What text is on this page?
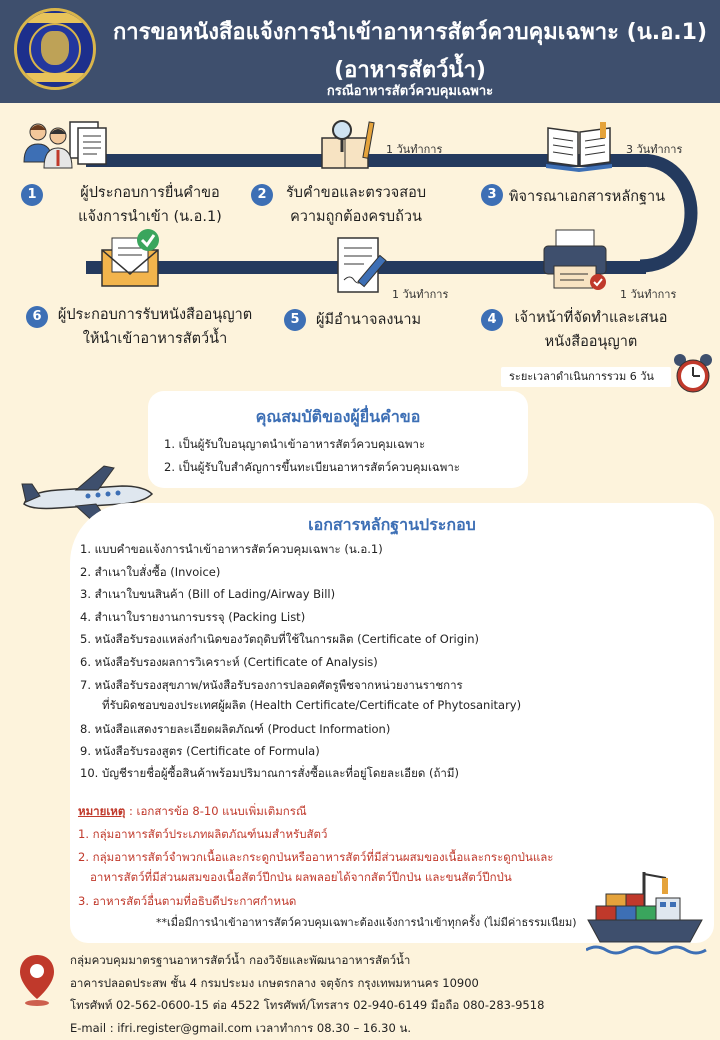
การขอหนังสือแจ้งการนำเข้าอาหารสัตว์ควบคุมเฉพาะ (น.อ.1)
(อาหารสัตว์น้ำ)
กรณีอาหารสัตว์ควบคุมเฉพาะ
1	ผู้ประกอบการยื่นคำขอ
แจ้งการนำเข้า (น.อ.1)
1 วันทำการ
2	รับคำขอและตรวจสอบ
ความถูกต้องครบถ้วน
3 วันทำการ
3 พิจารณาเอกสารหลักฐาน
1 วันทำการ
4	เจ้าหน้าที่จัดทำและเสนอ
หนังสืออนุญาต
1 วันทำการ
5	ผู้มีอำนาจลงนาม
6	ผู้ประกอบการรับหนังสืออนุญาต
ให้นำเข้าอาหารสัตว์น้ำ
ระยะเวลาดำเนินการรวม 6 วัน
คุณสมบัติของผู้ยื่นคำขอ
1. เป็นผู้รับใบอนุญาตนำเข้าอาหารสัตว์ควบคุมเฉพาะ
2. เป็นผู้รับใบสำคัญการขึ้นทะเบียนอาหารสัตว์ควบคุมเฉพาะ
เอกสารหลักฐานประกอบ
1. แบบคำขอแจ้งการนำเข้าอาหารสัตว์ควบคุมเฉพาะ (น.อ.1)
2. สำเนาใบสั่งซื้อ (Invoice)
3. สำเนาใบขนสินค้า (Bill of Lading/Airway Bill)
4. สำเนาใบรายงานการบรรจุ (Packing List)
5. หนังสือรับรองแหล่งกำเนิดของวัตถุดิบที่ใช้ในการผลิต (Certificate of Origin)
6. หนังสือรับรองผลการวิเคราะห์ (Certificate of Analysis)
7. หนังสือรับรองสุขภาพ/หนังสือรับรองการปลอดศัตรูพืชจากหน่วยงานราชการ
ที่รับผิดชอบของประเทศผู้ผลิต (Health Certificate/Certificate of Phytosanitary)
8. หนังสือแสดงรายละเอียดผลิตภัณฑ์ (Product Information)
9. หนังสือรับรองสูตร (Certificate of Formula)
10. บัญชีรายชื่อผู้ซื้อสินค้าพร้อมปริมาณการสั่งซื้อและที่อยู่โดยละเอียด (ถ้ามี)
หมายเหตุ : เอกสารข้อ 8-10 แนบเพิ่มเติมกรณี
1. กลุ่มอาหารสัตว์ประเภทผลิตภัณฑ์นมสำหรับสัตว์
2. กลุ่มอาหารสัตว์จำพวกเนื้อและกระดูกป่นหรืออาหารสัตว์ที่มีส่วนผสมของเนื้อและกระดูกป่นและ
อาหารสัตว์ที่มีส่วนผสมของเนื้อสัตว์ปีกป่น ผลพลอยได้จากสัตว์ปีกป่น และขนสัตว์ปีกป่น
3. อาหารสัตว์อื่นตามที่อธิบดีประกาศกำหนด
**เมื่อมีการนำเข้าอาหารสัตว์ควบคุมเฉพาะต้องแจ้งการนำเข้าทุกครั้ง (ไม่มีค่าธรรมเนียม)
กลุ่มควบคุมมาตรฐานอาหารสัตว์น้ำ กองวิจัยและพัฒนาอาหารสัตว์น้ำ
อาคารปลอดประสพ ชั้น 4 กรมประมง เกษตรกลาง จตุจักร กรุงเทพมหานคร 10900
โทรศัพท์ 02-562-0600-15 ต่อ 4522 โทรศัพท์/โทรสาร 02-940-6149 มือถือ 080-283-9518
E-mail : ifri.register@gmail.com เวลาทำการ 08.30 – 16.30 น.
